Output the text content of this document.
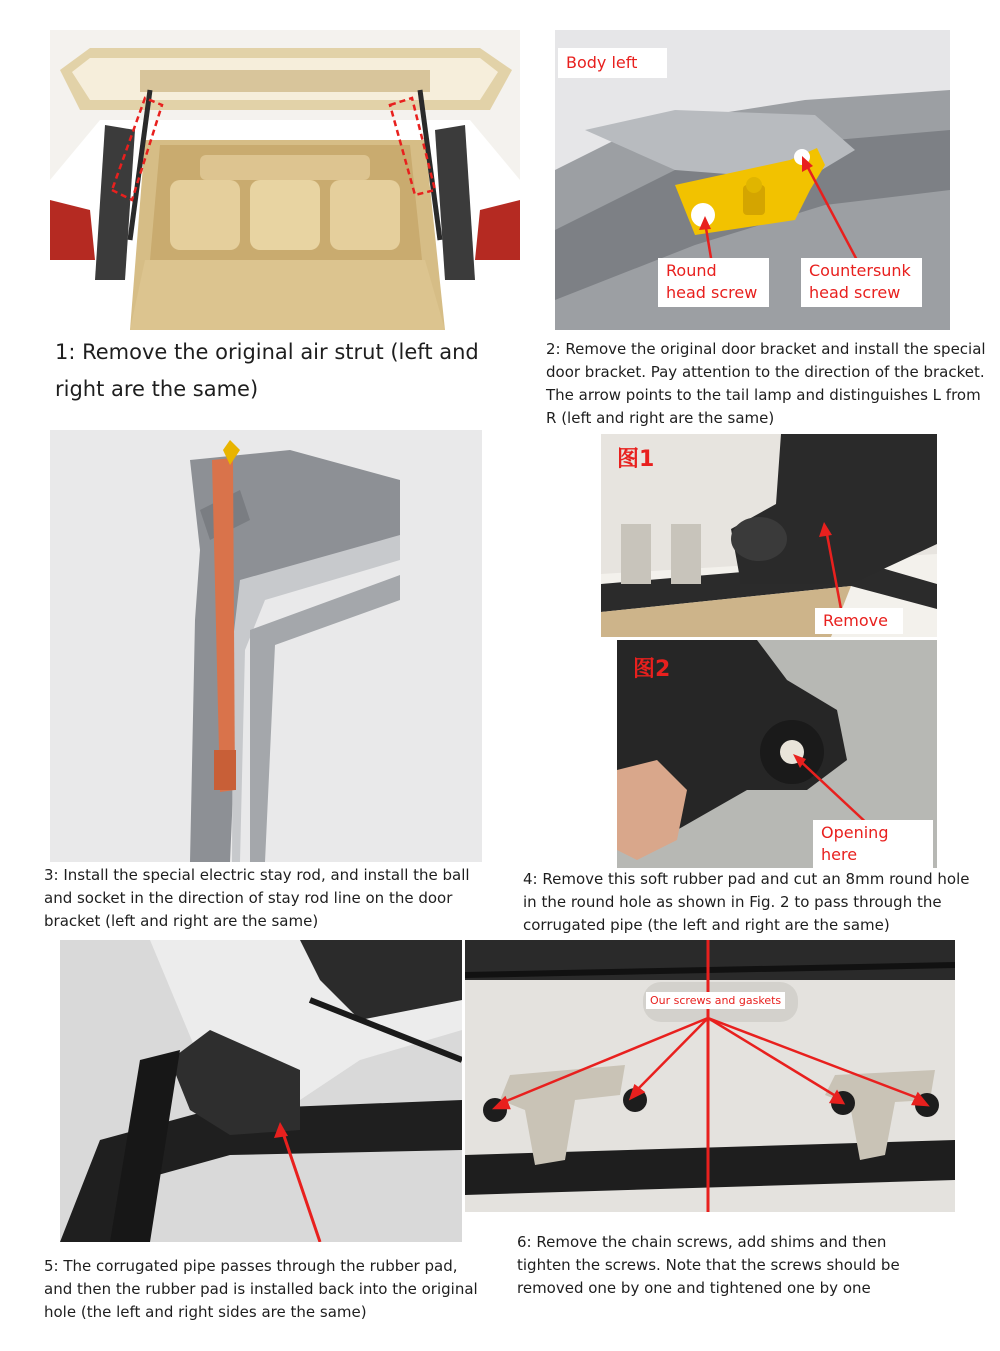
1: Remove the original air strut (left and right are the same)
Body left
Round head screw
Countersunk head screw
2: Remove the original door bracket and install the special door bracket. Pay attention to the direction of the bracket. The arrow points to the tail lamp and distinguishes L from R (left and right are the same)
3: Install the special electric stay rod, and install the ball and socket in the direction of stay rod line on the door bracket (left and right are the same)
图1
Remove
图2
Opening here
4: Remove this soft rubber pad and cut an 8mm round hole in the round hole as shown in Fig. 2 to pass through the corrugated pipe (the left and right are the same)
5: The corrugated pipe passes through the rubber pad, and then the rubber pad is installed back into the original hole (the left and right sides are the same)
Our screws and gaskets
6: Remove the chain screws, add shims and then tighten the screws. Note that the screws should be removed one by one and tightened one by one
